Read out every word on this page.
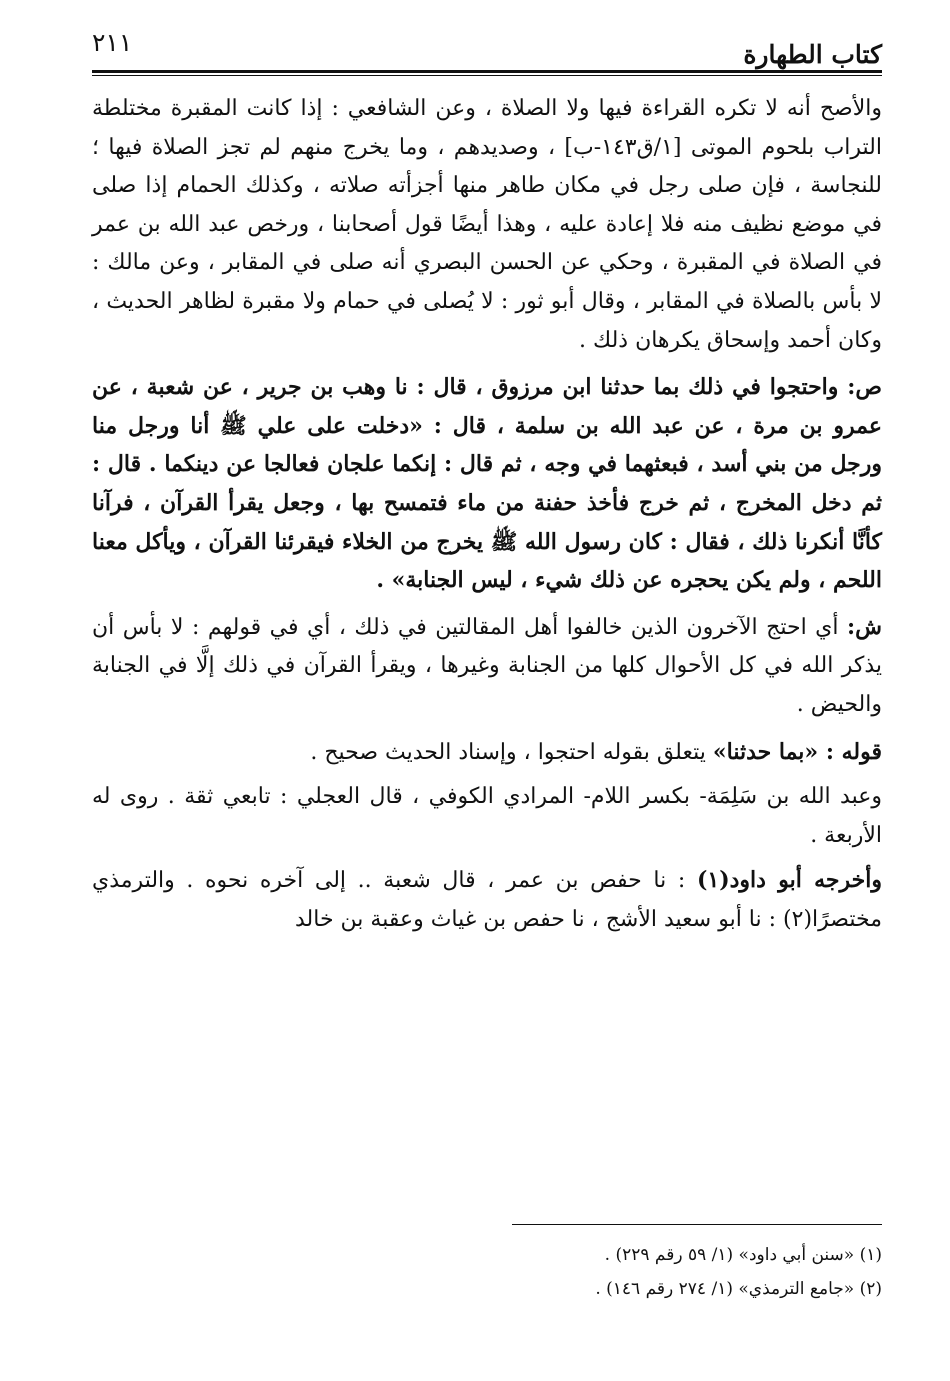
كتاب الطهارة
٢١١

والأصح أنه لا تكره القراءة فيها ولا الصلاة ، وعن الشافعي : إذا كانت المقبرة مختلطة التراب بلحوم الموتى [١/ق١٤٣-ب] ، وصديدهم ، وما يخرج منهم لم تجز الصلاة فيها ؛ للنجاسة ، فإن صلى رجل في مكان طاهر منها أجزأته صلاته ، وكذلك الحمام إذا صلى في موضع نظيف منه فلا إعادة عليه ، وهذا أيضًا قول أصحابنا ، ورخص عبد الله بن عمر في الصلاة في المقبرة ، وحكي عن الحسن البصري أنه صلى في المقابر ، وعن مالك : لا بأس بالصلاة في المقابر ، وقال أبو ثور : لا يُصلى في حمام ولا مقبرة لظاهر الحديث ، وكان أحمد وإسحاق يكرهان ذلك .

ص: واحتجوا في ذلك بما حدثنا ابن مرزوق ، قال : نا وهب بن جرير ، عن شعبة ، عن عمرو بن مرة ، عن عبد الله بن سلمة ، قال : «دخلت على علي ﷺ أنا ورجل منا ورجل من بني أسد ، فبعثهما في وجه ، ثم قال : إنكما علجان فعالجا عن دينكما . قال : ثم دخل المخرج ، ثم خرج فأخذ حفنة من ماء فتمسح بها ، وجعل يقرأ القرآن ، فرآنا كأنَّا أنكرنا ذلك ، فقال : كان رسول الله ﷺ يخرج من الخلاء فيقرئنا القرآن ، ويأكل معنا اللحم ، ولم يكن يحجره عن ذلك شيء ، ليس الجنابة» .

ش: أي احتج الآخرون الذين خالفوا أهل المقالتين في ذلك ، أي في قولهم : لا بأس أن يذكر الله في كل الأحوال كلها من الجنابة وغيرها ، ويقرأ القرآن في ذلك إلَّا في الجنابة والحيض .

قوله : «بما حدثنا» يتعلق بقوله احتجوا ، وإسناد الحديث صحيح .

وعبد الله بن سَلِمَة- بكسر اللام- المرادي الكوفي ، قال العجلي : تابعي ثقة . روى له الأربعة .

وأخرجه أبو داود(١) : نا حفص بن عمر ، قال شعبة .. إلى آخره نحوه . والترمذي مختصرًا(٢) : نا أبو سعيد الأشج ، نا حفص بن غياث وعقبة بن خالد

(١) «سنن أبي داود» (١/ ٥٩ رقم ٢٢٩) .

(٢) «جامع الترمذي» (١/ ٢٧٤ رقم ١٤٦) .
